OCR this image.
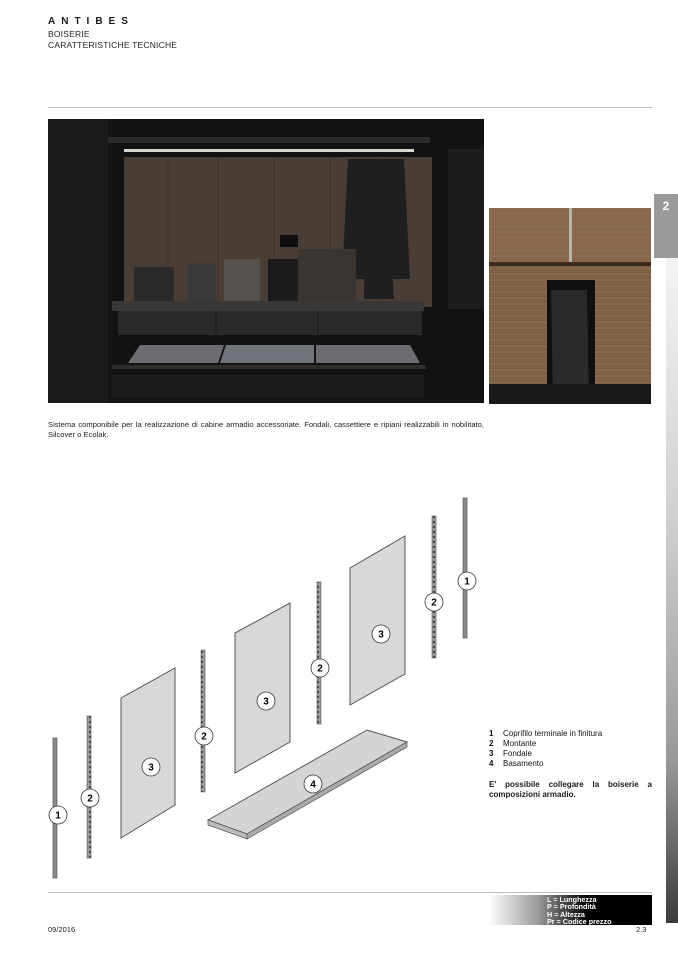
ANTIBES
BOISERIE
CARATTERISTICHE TECNICHE
2
Sistema componibile per la realizzazione di cabine armadio accessoriate. Fondali, cassettiere e ripiani realizzabili in nobilitato, Silcover o Ecolak.
1
2
3
2
3
2
3
2
1
4
1	Coprifilo terminale in finitura
2	Montante
3	Fondale
4	Basamento
E' possibile collegare la boiserie a composizioni armadio.
L = Lunghezza
P = Profondità
H = Altezza
Pr = Codice prezzo
09/2016	2.3
